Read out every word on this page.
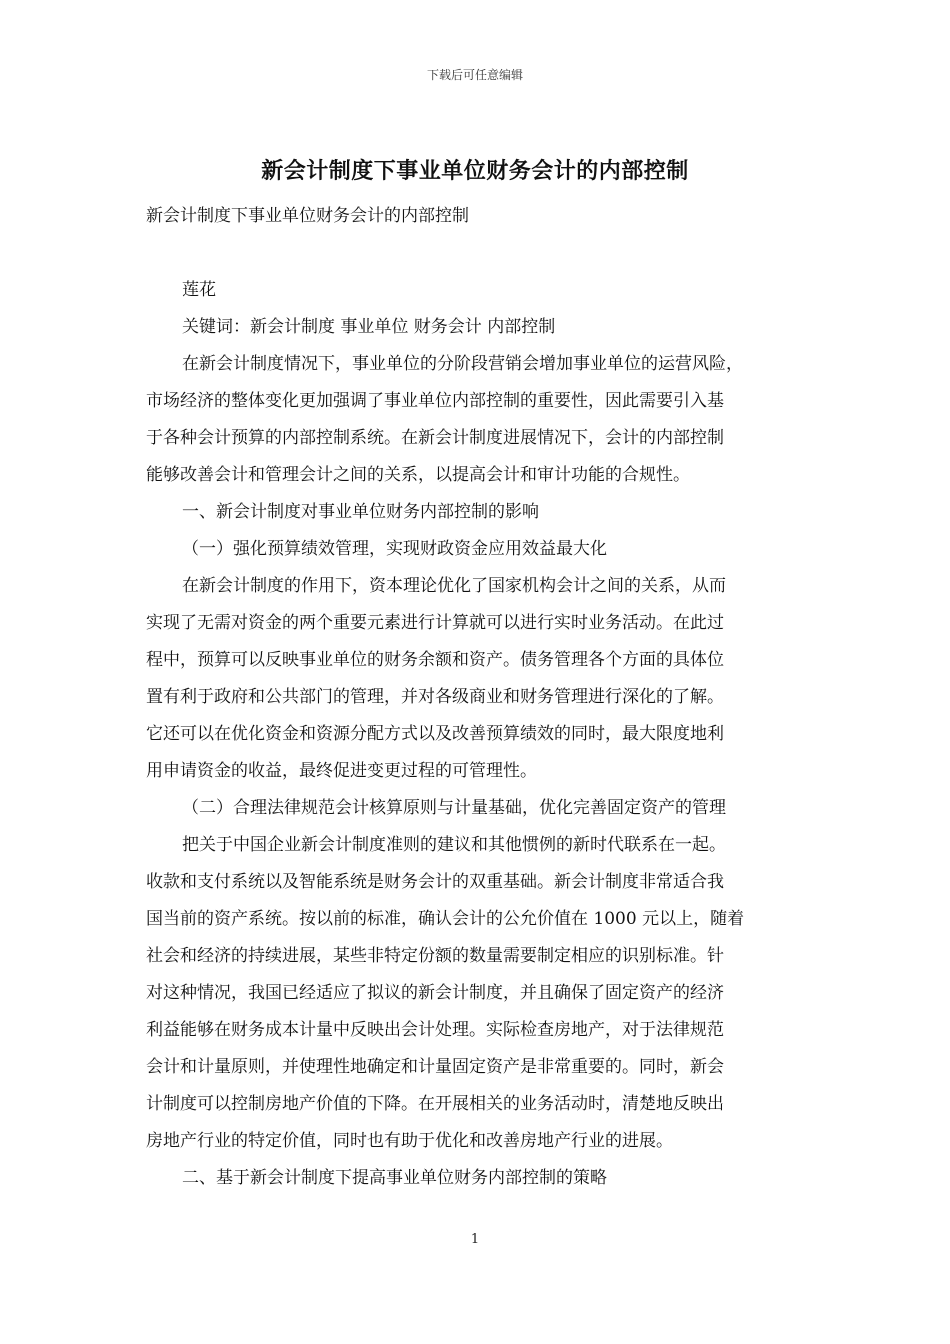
下载后可任意编辑
新会计制度下事业单位财务会计的内部控制
新会计制度下事业单位财务会计的内部控制
莲花
关键词：新会计制度 事业单位 财务会计 内部控制
在新会计制度情况下，事业单位的分阶段营销会增加事业单位的运营风险，
市场经济的整体变化更加强调了事业单位内部控制的重要性，因此需要引入基
于各种会计预算的内部控制系统。在新会计制度进展情况下，会计的内部控制
能够改善会计和管理会计之间的关系，以提高会计和审计功能的合规性。
一、新会计制度对事业单位财务内部控制的影响
（一）强化预算绩效管理，实现财政资金应用效益最大化
在新会计制度的作用下，资本理论优化了国家机构会计之间的关系，从而
实现了无需对资金的两个重要元素进行计算就可以进行实时业务活动。在此过
程中，预算可以反映事业单位的财务余额和资产。债务管理各个方面的具体位
置有利于政府和公共部门的管理，并对各级商业和财务管理进行深化的了解。
它还可以在优化资金和资源分配方式以及改善预算绩效的同时，最大限度地利
用申请资金的收益，最终促进变更过程的可管理性。
（二）合理法律规范会计核算原则与计量基础，优化完善固定资产的管理
把关于中国企业新会计制度准则的建议和其他惯例的新时代联系在一起。
收款和支付系统以及智能系统是财务会计的双重基础。新会计制度非常适合我
国当前的资产系统。按以前的标准，确认会计的公允价值在 1000 元以上，随着
社会和经济的持续进展，某些非特定份额的数量需要制定相应的识别标准。针
对这种情况，我国已经适应了拟议的新会计制度，并且确保了固定资产的经济
利益能够在财务成本计量中反映出会计处理。实际检查房地产，对于法律规范
会计和计量原则，并使理性地确定和计量固定资产是非常重要的。同时，新会
计制度可以控制房地产价值的下降。在开展相关的业务活动时，清楚地反映出
房地产行业的特定价值，同时也有助于优化和改善房地产行业的进展。
二、基于新会计制度下提高事业单位财务内部控制的策略
1
